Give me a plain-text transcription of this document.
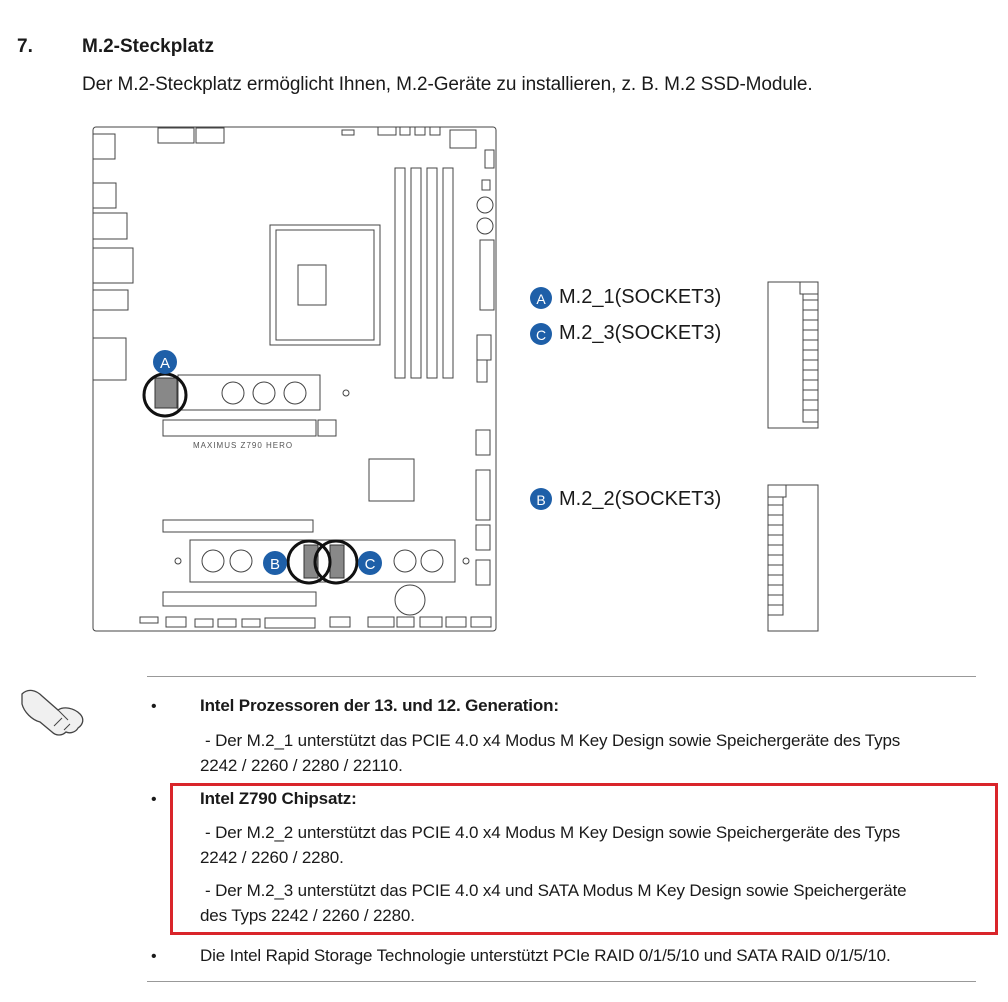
7.	M.2-Steckplatz
Der M.2-Steckplatz ermöglicht Ihnen, M.2-Geräte zu installieren, z. B. M.2 SSD-Module.
A
B	C
MAXIMUS Z790 HERO
A
C
B
M.2_1(SOCKET3)
M.2_3(SOCKET3)
M.2_2(SOCKET3)
•	Intel Prozessoren der 13. und 12. Generation:
- Der M.2_1 unterstützt das PCIE 4.0 x4 Modus M Key Design sowie Speichergeräte des Typs
2242 / 2260 / 2280 / 22110.
•	Intel Z790 Chipsatz:
- Der M.2_2 unterstützt das PCIE 4.0 x4 Modus M Key Design sowie Speichergeräte des Typs
2242 / 2260 / 2280.
- Der M.2_3 unterstützt das PCIE 4.0 x4 und SATA Modus M Key Design sowie Speichergeräte
des Typs 2242 / 2260 / 2280.
•	Die Intel Rapid Storage Technologie unterstützt PCIe RAID 0/1/5/10 und SATA RAID 0/1/5/10.
